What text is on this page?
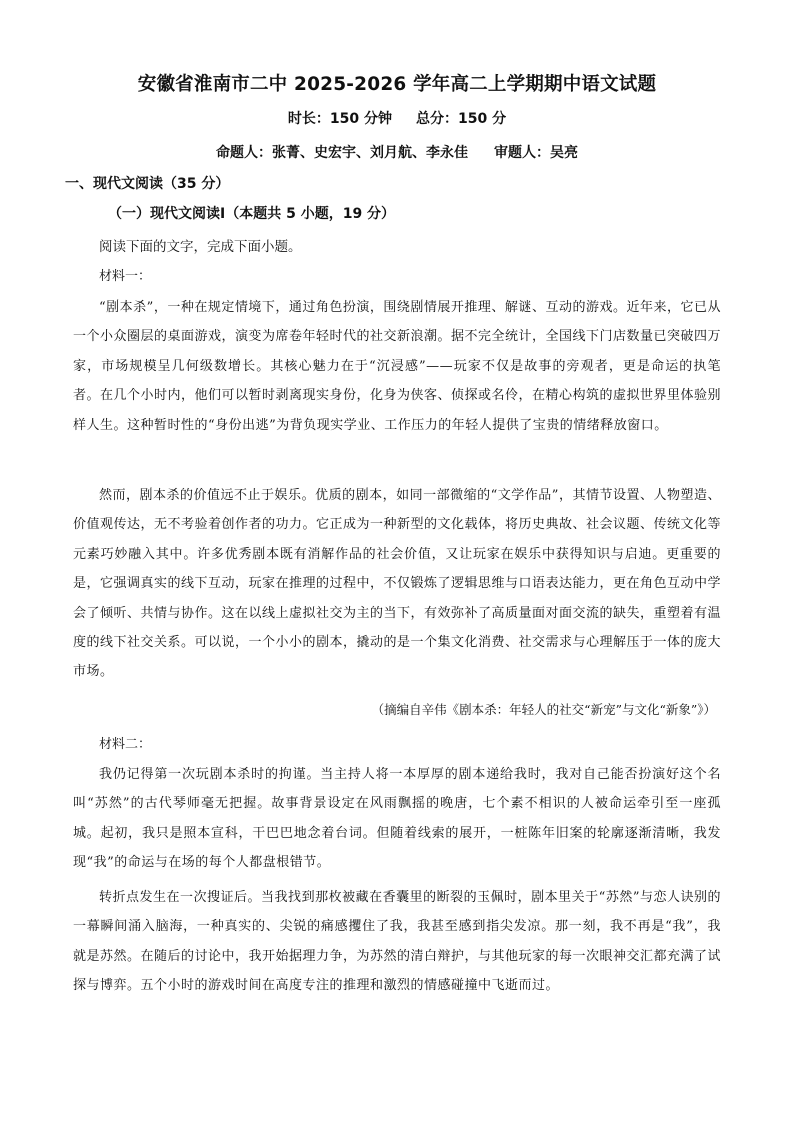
安徽省淮南市二中 2025-2026 学年高二上学期期中语文试题
时长：150 分钟 总分：150 分
命题人：张菁、史宏宇、刘月航、李永佳 审题人：吴亮
一、现代文阅读（35 分）
（一）现代文阅读Ⅰ（本题共 5 小题，19 分）
阅读下面的文字，完成下面小题。
材料一：
“剧本杀”，一种在规定情境下，通过角色扮演，围绕剧情展开推理、解谜、互动的游戏。近年来，它已从一个小众圈层的桌面游戏，演变为席卷年轻时代的社交新浪潮。据不完全统计，全国线下门店数量已突破四万家，市场规模呈几何级数增长。其核心魅力在于“沉浸感”——玩家不仅是故事的旁观者，更是命运的执笔者。在几个小时内，他们可以暂时剥离现实身份，化身为侠客、侦探或名伶，在精心构筑的虚拟世界里体验别样人生。这种暂时性的“身份出逃”为背负现实学业、工作压力的年轻人提供了宝贵的情绪释放窗口。
然而，剧本杀的价值远不止于娱乐。优质的剧本，如同一部微缩的“文学作品”，其情节设置、人物塑造、价值观传达，无不考验着创作者的功力。它正成为一种新型的文化载体，将历史典故、社会议题、传统文化等元素巧妙融入其中。许多优秀剧本既有消解作品的社会价值，又让玩家在娱乐中获得知识与启迪。更重要的是，它强调真实的线下互动，玩家在推理的过程中，不仅锻炼了逻辑思维与口语表达能力，更在角色互动中学会了倾听、共情与协作。这在以线上虚拟社交为主的当下，有效弥补了高质量面对面交流的缺失，重塑着有温度的线下社交关系。可以说，一个小小的剧本，撬动的是一个集文化消费、社交需求与心理解压于一体的庞大市场。
（摘编自辛伟《剧本杀：年轻人的社交“新宠”与文化“新象”》）
材料二：
我仍记得第一次玩剧本杀时的拘谨。当主持人将一本厚厚的剧本递给我时，我对自己能否扮演好这个名叫“苏然”的古代琴师毫无把握。故事背景设定在风雨飘摇的晚唐，七个素不相识的人被命运牵引至一座孤城。起初，我只是照本宣科，干巴巴地念着台词。但随着线索的展开，一桩陈年旧案的轮廓逐渐清晰，我发现“我”的命运与在场的每个人都盘根错节。
转折点发生在一次搜证后。当我找到那枚被藏在香囊里的断裂的玉佩时，剧本里关于“苏然”与恋人诀别的一幕瞬间涌入脑海，一种真实的、尖锐的痛感攫住了我，我甚至感到指尖发凉。那一刻，我不再是“我”，我就是苏然。在随后的讨论中，我开始据理力争，为苏然的清白辩护，与其他玩家的每一次眼神交汇都充满了试探与博弈。五个小时的游戏时间在高度专注的推理和激烈的情感碰撞中飞逝而过。
